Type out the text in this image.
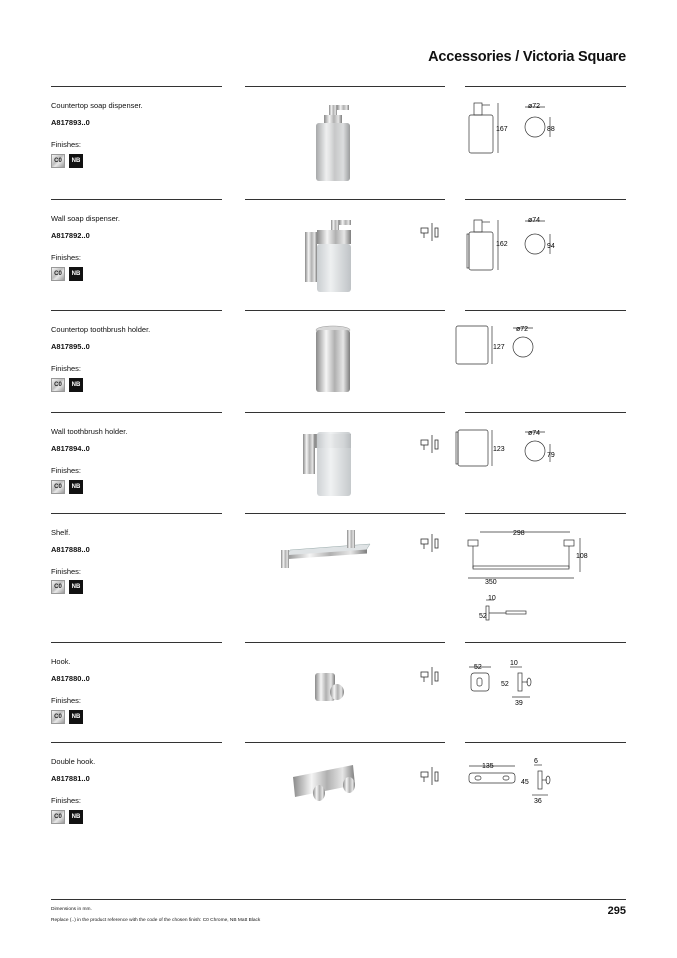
Accessories / Victoria Square
Countertop soap dispenser.
A817893..0
Finishes:
C0	NB
167
ø72
88
Wall soap dispenser.
A817892..0
Finishes:
C0	NB
162
ø74
94
Countertop toothbrush holder.
A817895..0
Finishes:
C0	NB
127
ø72
Wall toothbrush holder.
A817894..0
Finishes:
C0	NB
123
ø74
79
Shelf.
A817888..0
Finishes:
C0	NB
298
108
350
10
52
Hook.
A817880..0
Finishes:
C0	NB
52
10
52
39
Double hook.
A817881..0
Finishes:
C0	NB
135
6
45
36
Dimensions in mm.
Replace (..) in the product reference with the code of the chosen finish: C0 Chrome, NB Matt Black
295
